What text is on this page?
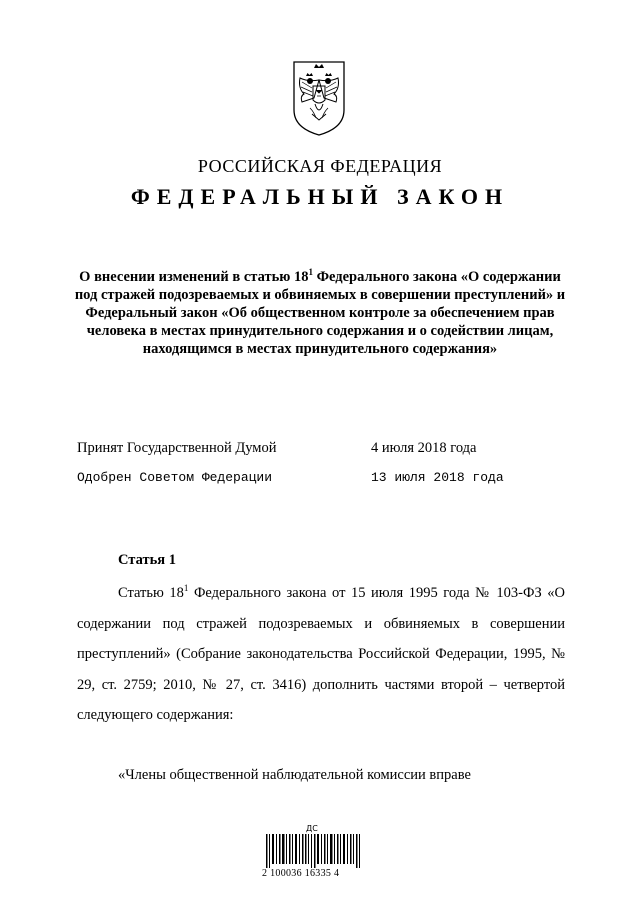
РОССИЙСКАЯ ФЕДЕРАЦИЯ
ФЕДЕРАЛЬНЫЙ ЗАКОН
О внесении изменений в статью $18^1$ Федерального закона «О содержании под стражей подозреваемых и обвиняемых в совершении преступлений» и Федеральный закон «Об общественном контроле за обеспечением прав человека в местах принудительного содержания и о содействии лицам, находящимся в местах принудительного содержания»
Принят Государственной Думой	4 июля 2018 года
Одобрен Советом Федерации	13 июля 2018 года
Статья 1
Статью $18^1$ Федерального закона от 15 июля 1995 года № 103-ФЗ «О содержании под стражей подозреваемых и обвиняемых в совершении преступлений» (Собрание законодательства Российской Федерации, 1995, № 29, ст. 2759; 2010, № 27, ст. 3416) дополнить частями второй – четвертой следующего содержания:
«Члены общественной наблюдательной комиссии вправе
ДС
2 100036 16335 4
